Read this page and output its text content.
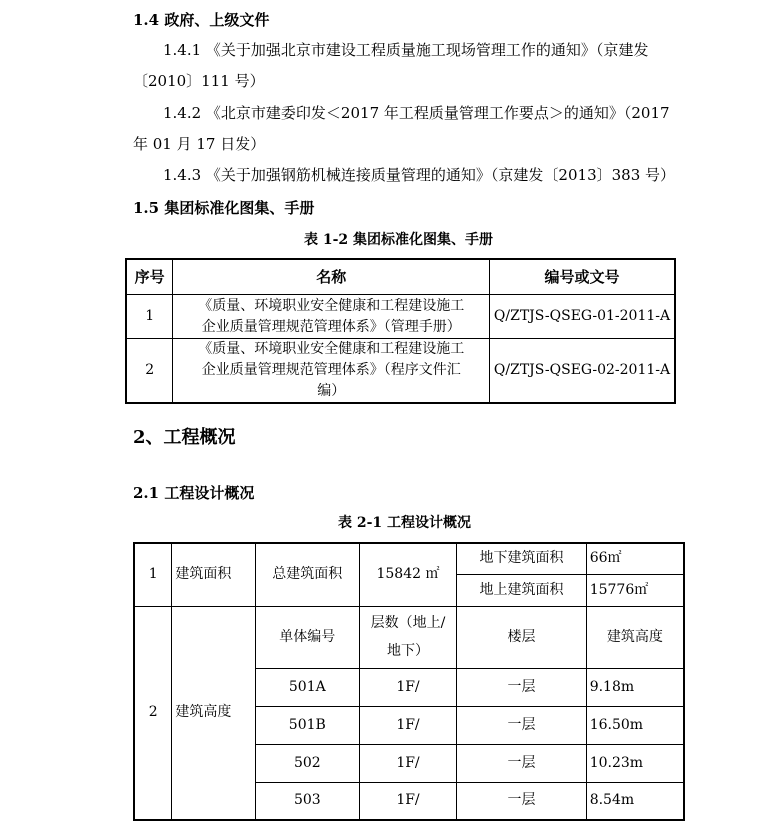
1.4 政府、上级文件
1.4.1 《关于加强北京市建设工程质量施工现场管理工作的通知》（京建发
〔2010〕111 号）
1.4.2 《北京市建委印发＜2017 年工程质量管理工作要点＞的通知》（2017
年 01 月 17 日发）
1.4.3 《关于加强钢筋机械连接质量管理的通知》（京建发〔2013〕383 号）
1.5 集团标准化图集、手册
表 1-2 集团标准化图集、手册
序号	名称	编号或文号
1	《质量、环境职业安全健康和工程建设施工
企业质量管理规范管理体系》（管理手册）	Q/ZTJS-QSEG-01-2011-A
2	《质量、环境职业安全健康和工程建设施工
企业质量管理规范管理体系》（程序文件汇
编）	Q/ZTJS-QSEG-02-2011-A
2、工程概况
2.1 工程设计概况
表 2-1 工程设计概况
1	建筑面积	总建筑面积	15842 ㎡	地下建筑面积	66㎡
				地上建筑面积	15776㎡
2	建筑高度	单体编号	层数（地上/
地下）	楼层	建筑高度
		501A	1F/	一层	9.18m
		501B	1F/	一层	16.50m
		502	1F/	一层	10.23m
		503	1F/	一层	8.54m
